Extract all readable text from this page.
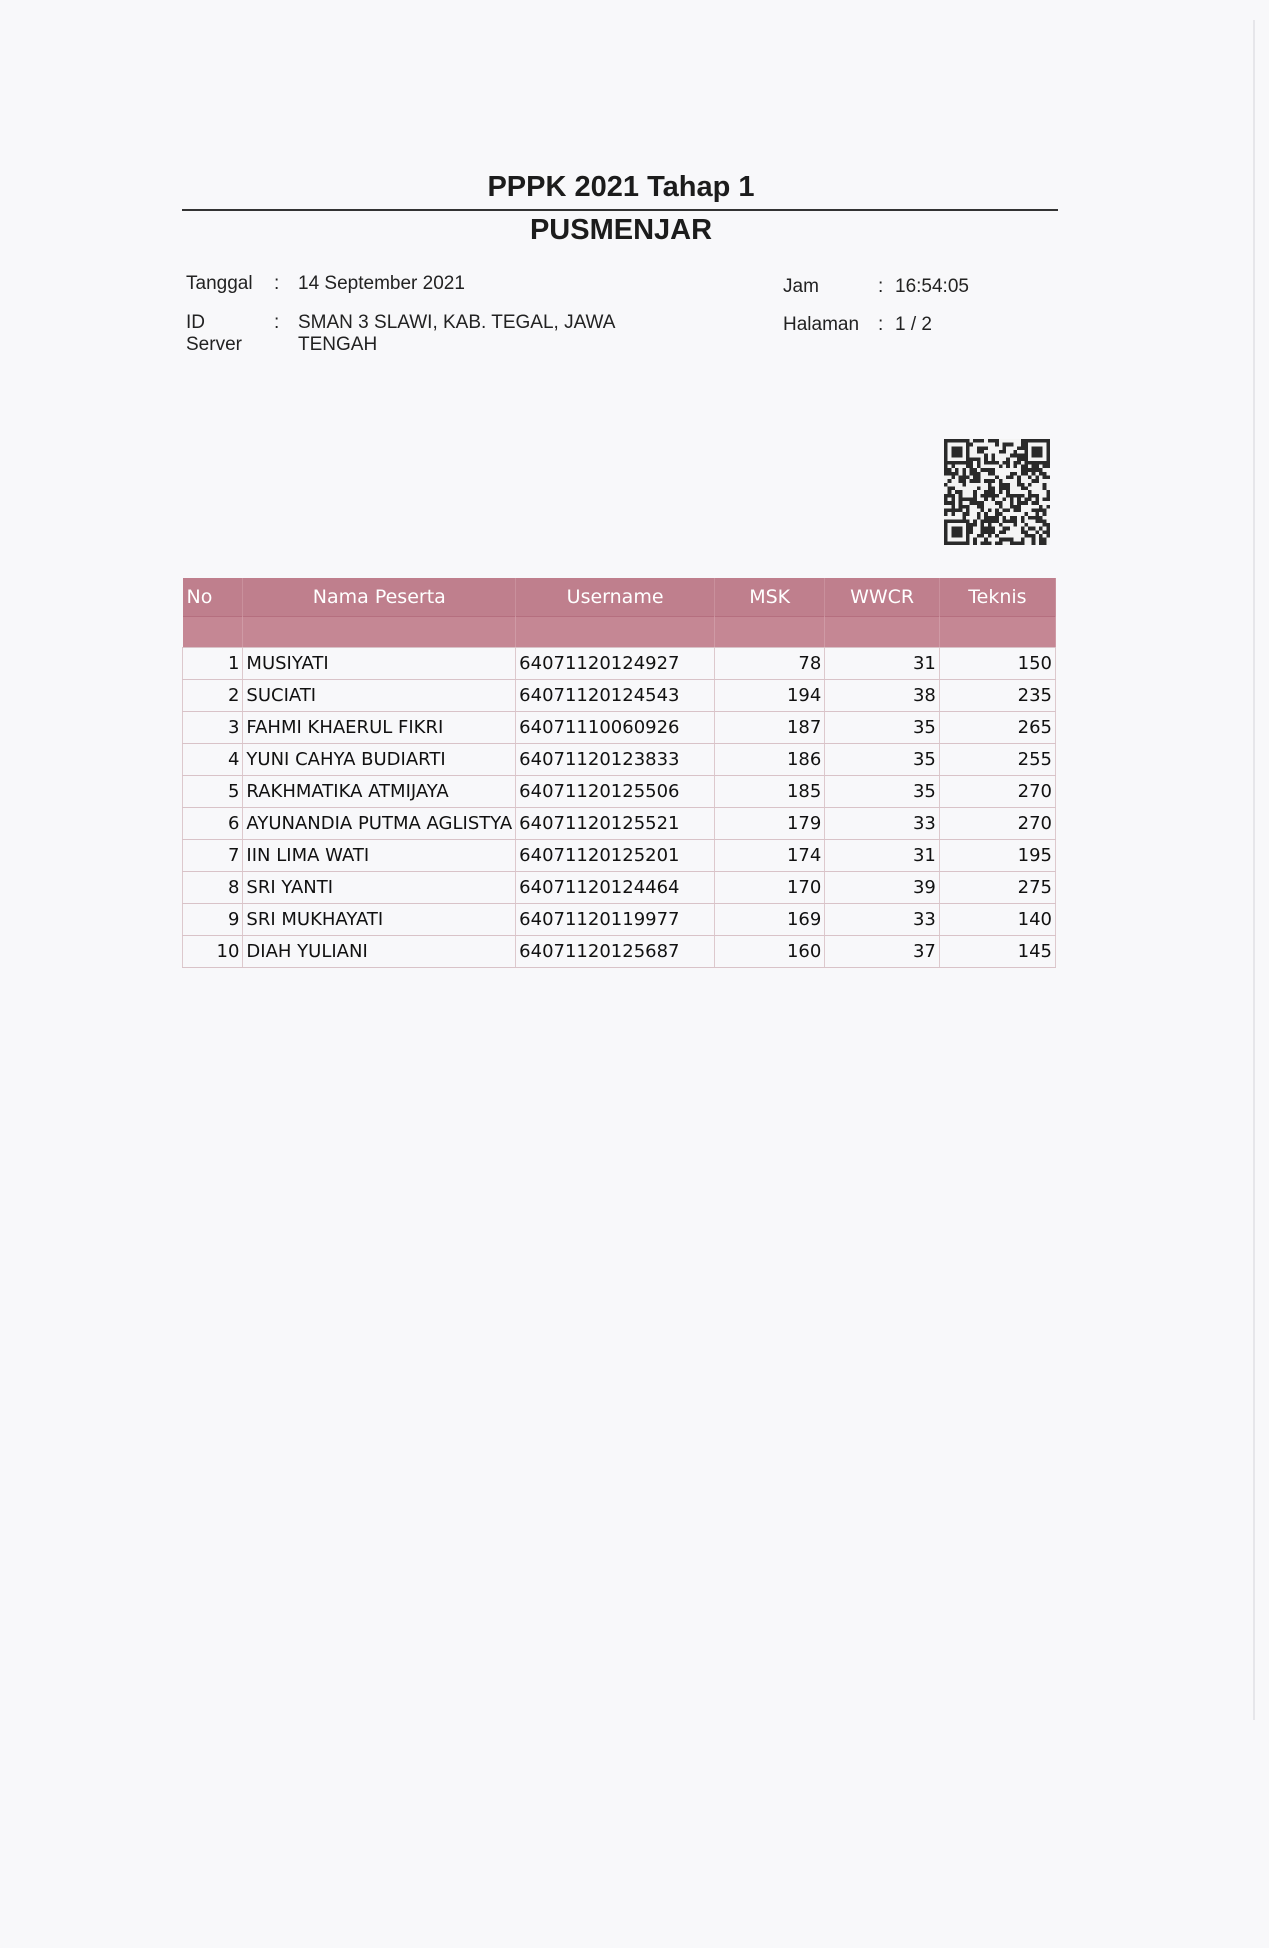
PPPK 2021 Tahap 1
PUSMENJAR
Tanggal : 14 September 2021
ID
Server
: SMAN 3 SLAWI, KAB. TEGAL, JAWA
TENGAH
Jam	: 16:54:05
Halaman : 1 / 2
No	Nama Peserta	Username	MSK	WWCR	Teknis

1	MUSIYATI	64071120124927	78	31	150
2	SUCIATI	64071120124543	194	38	235
3	FAHMI KHAERUL FIKRI	64071110060926	187	35	265
4	YUNI CAHYA BUDIARTI	64071120123833	186	35	255
5	RAKHMATIKA ATMIJAYA	64071120125506	185	35	270
6	AYUNANDIA PUTMA AGLISTYA	64071120125521	179	33	270
7	IIN LIMA WATI	64071120125201	174	31	195
8	SRI YANTI	64071120124464	170	39	275
9	SRI MUKHAYATI	64071120119977	169	33	140
10	DIAH YULIANI	64071120125687	160	37	145
